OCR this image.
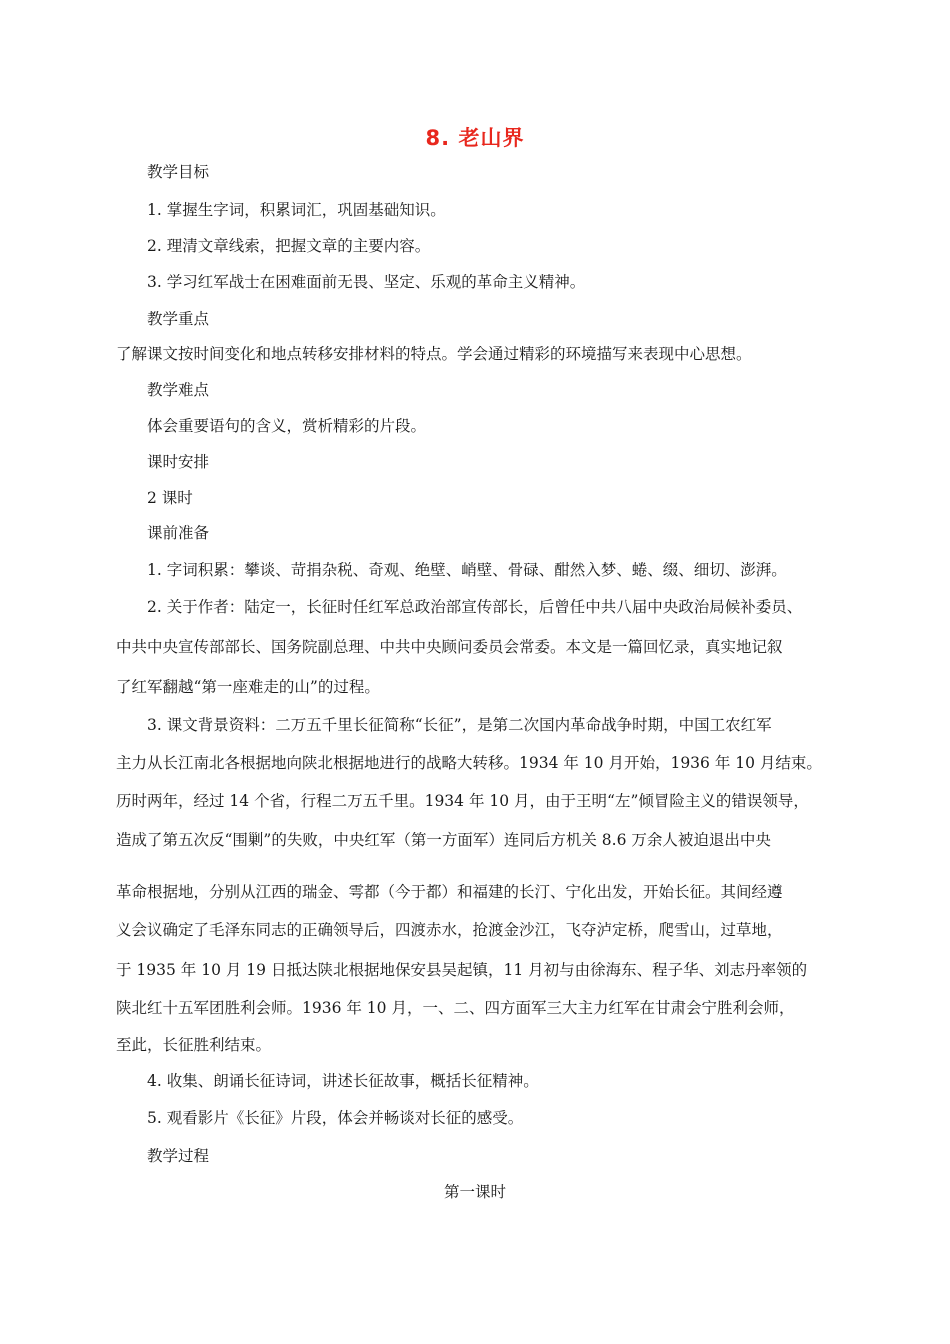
8. 老山界
教学目标
1. 掌握生字词，积累词汇，巩固基础知识。
2. 理清文章线索，把握文章的主要内容。
3. 学习红军战士在困难面前无畏、坚定、乐观的革命主义精神。
教学重点
了解课文按时间变化和地点转移安排材料的特点。学会通过精彩的环境描写来表现中心思想。
教学难点
体会重要语句的含义，赏析精彩的片段。
课时安排
2 课时
课前准备
1. 字词积累：攀谈、苛捐杂税、奇观、绝壁、峭壁、骨碌、酣然入梦、蜷、缀、细切、澎湃。
2. 关于作者：陆定一，长征时任红军总政治部宣传部长，后曾任中共八届中央政治局候补委员、
中共中央宣传部部长、国务院副总理、中共中央顾问委员会常委。本文是一篇回忆录，真实地记叙
了红军翻越“第一座难走的山”的过程。
3. 课文背景资料：二万五千里长征简称“长征”，是第二次国内革命战争时期，中国工农红军
主力从长江南北各根据地向陕北根据地进行的战略大转移。1934 年 10 月开始，1936 年 10 月结束。
历时两年，经过 14 个省，行程二万五千里。1934 年 10 月，由于王明“左”倾冒险主义的错误领导，
造成了第五次反“围剿”的失败，中央红军（第一方面军）连同后方机关 8.6 万余人被迫退出中央
革命根据地，分别从江西的瑞金、雩都（今于都）和福建的长汀、宁化出发，开始长征。其间经遵
义会议确定了毛泽东同志的正确领导后，四渡赤水，抢渡金沙江，飞夺泸定桥，爬雪山，过草地，
于 1935 年 10 月 19 日抵达陕北根据地保安县吴起镇，11 月初与由徐海东、程子华、刘志丹率领的
陕北红十五军团胜利会师。1936 年 10 月，一、二、四方面军三大主力红军在甘肃会宁胜利会师，
至此，长征胜利结束。
4. 收集、朗诵长征诗词，讲述长征故事，概括长征精神。
5. 观看影片《长征》片段，体会并畅谈对长征的感受。
教学过程
第一课时
